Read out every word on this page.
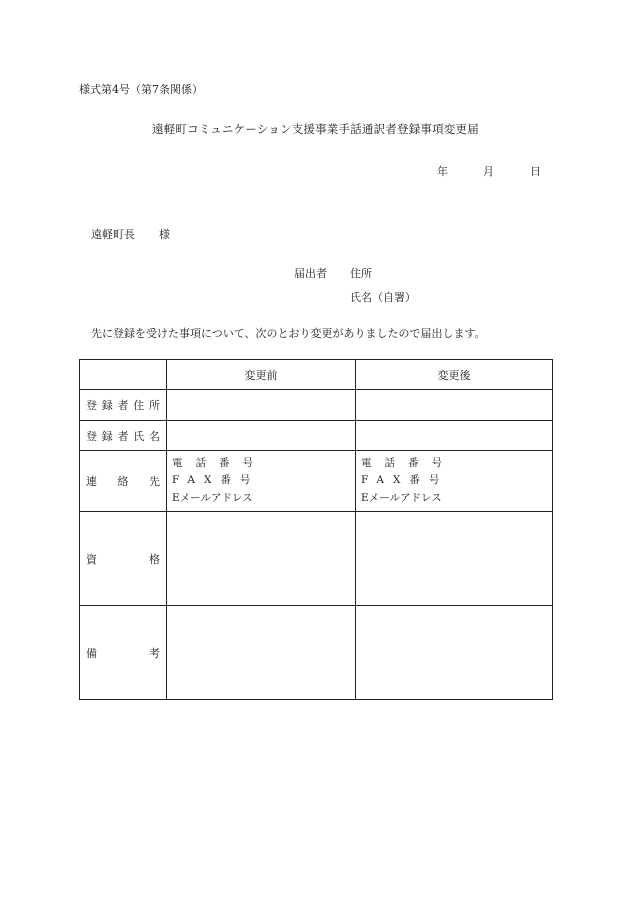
様式第4号（第7条関係）
遠軽町コミュニケーション支援事業手話通訳者登録事項変更届
年	月	日
遠軽町長 様
届出者 住所
氏名（自署）
先に登録を受けた事項について、次のとおり変更がありましたので届出します。
	変更前	変更後

登録者住所		

登録者氏名		

連絡先	電話番号
FAX番号
Eメールアドレス	電話番号
FAX番号
Eメールアドレス

資格		

備考		
